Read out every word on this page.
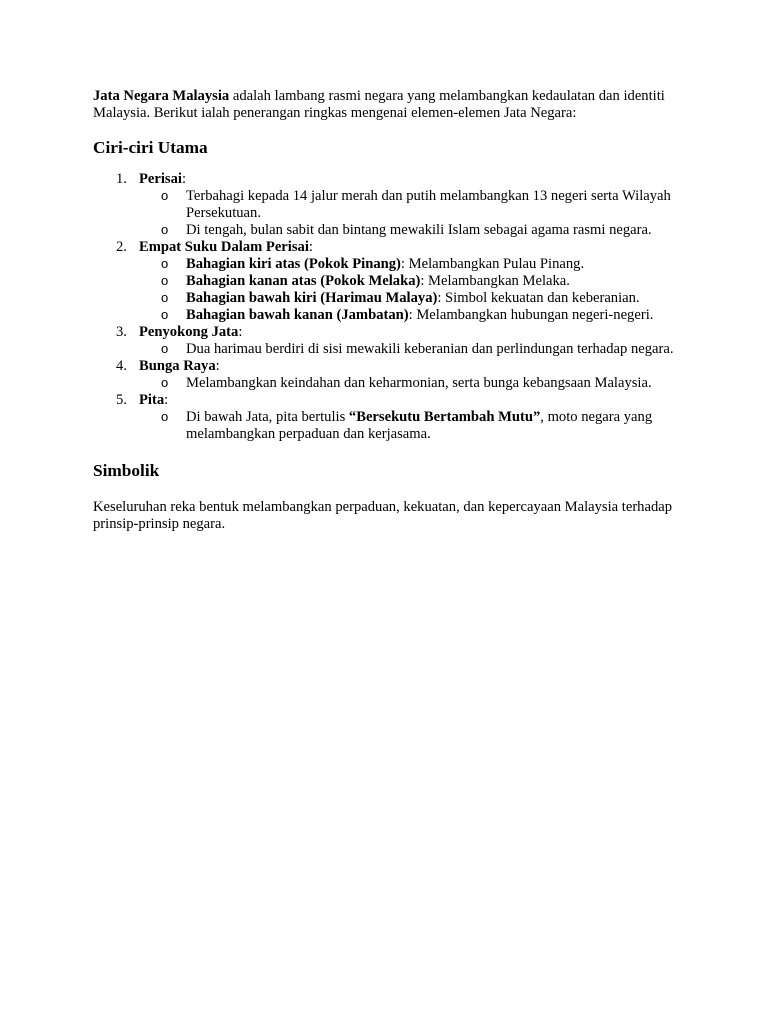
Jata Negara Malaysia adalah lambang rasmi negara yang melambangkan kedaulatan dan identiti Malaysia. Berikut ialah penerangan ringkas mengenai elemen-elemen Jata Negara:

Ciri-ciri Utama
1. Perisai:
o Terbahagi kepada 14 jalur merah dan putih melambangkan 13 negeri serta Wilayah Persekutuan.
o Di tengah, bulan sabit dan bintang mewakili Islam sebagai agama rasmi negara.
2. Empat Suku Dalam Perisai:
o Bahagian kiri atas (Pokok Pinang): Melambangkan Pulau Pinang.
o Bahagian kanan atas (Pokok Melaka): Melambangkan Melaka.
o Bahagian bawah kiri (Harimau Malaya): Simbol kekuatan dan keberanian.
o Bahagian bawah kanan (Jambatan): Melambangkan hubungan negeri-negeri.
3. Penyokong Jata:
o Dua harimau berdiri di sisi mewakili keberanian dan perlindungan terhadap negara.
4. Bunga Raya:
o Melambangkan keindahan dan keharmonian, serta bunga kebangsaan Malaysia.
5. Pita:
o Di bawah Jata, pita bertulis “Bersekutu Bertambah Mutu”, moto negara yang melambangkan perpaduan dan kerjasama.
Simbolik

Keseluruhan reka bentuk melambangkan perpaduan, kekuatan, dan kepercayaan Malaysia terhadap prinsip-prinsip negara.
